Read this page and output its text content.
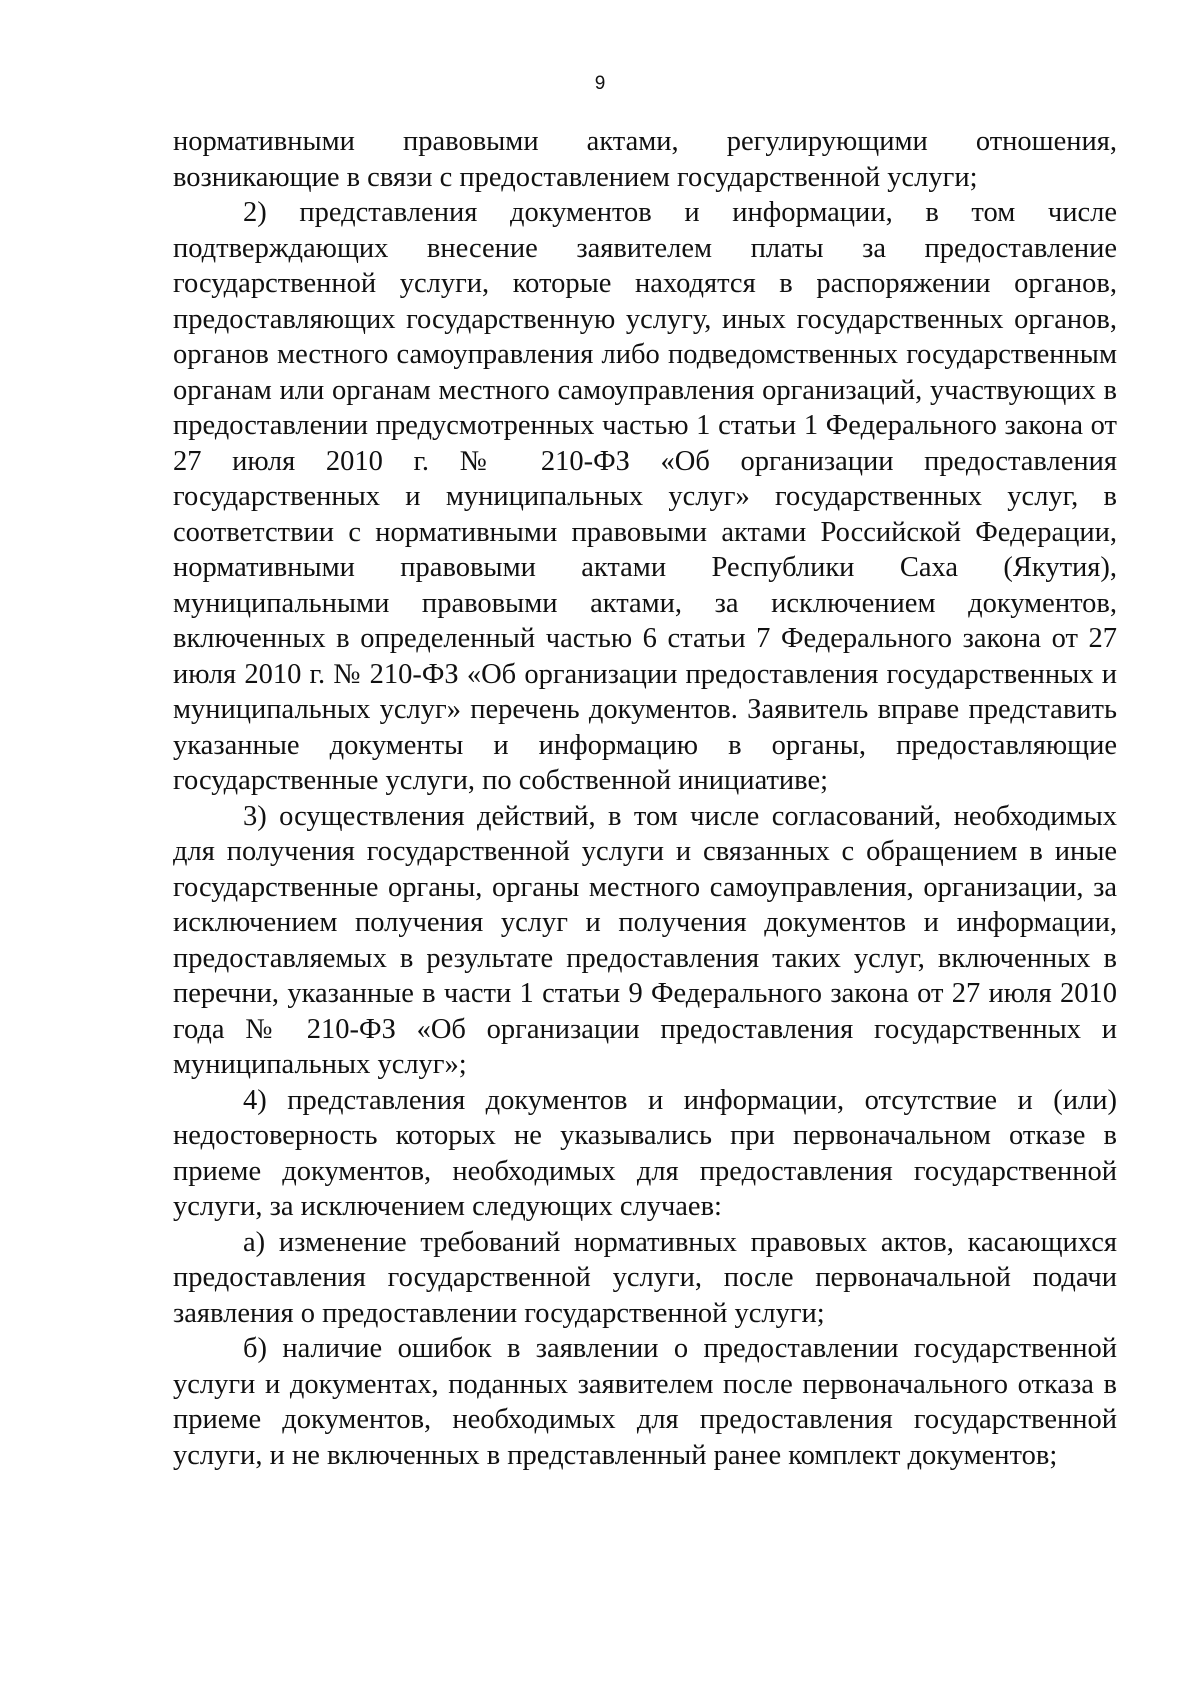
9

нормативными правовыми актами, регулирующими отношения, возникающие в связи с предоставлением государственной услуги;

2) представления документов и информации, в том числе подтверждающих внесение заявителем платы за предоставление государственной услуги, которые находятся в распоряжении органов, предоставляющих государственную услугу, иных государственных органов, органов местного самоуправления либо подведомственных государственным органам или органам местного самоуправления организаций, участвующих в предоставлении предусмотренных частью 1 статьи 1 Федерального закона от 27 июля 2010 г. № 210-ФЗ «Об организации предоставления государственных и муниципальных услуг» государственных услуг, в соответствии с нормативными правовыми актами Российской Федерации, нормативными правовыми актами Республики Саха (Якутия), муниципальными правовыми актами, за исключением документов, включенных в определенный частью 6 статьи 7 Федерального закона от 27 июля 2010 г. № 210-ФЗ «Об организации предоставления государственных и муниципальных услуг» перечень документов. Заявитель вправе представить указанные документы и информацию в органы, предоставляющие государственные услуги, по собственной инициативе;

3) осуществления действий, в том числе согласований, необходимых для получения государственной услуги и связанных с обращением в иные государственные органы, органы местного самоуправления, организации, за исключением получения услуг и получения документов и информации, предоставляемых в результате предоставления таких услуг, включенных в перечни, указанные в части 1 статьи 9 Федерального закона от 27 июля 2010 года № 210-ФЗ «Об организации предоставления государственных и муниципальных услуг»;

4) представления документов и информации, отсутствие и (или) недостоверность которых не указывались при первоначальном отказе в приеме документов, необходимых для предоставления государственной услуги, за исключением следующих случаев:

а) изменение требований нормативных правовых актов, касающихся предоставления государственной услуги, после первоначальной подачи заявления о предоставлении государственной услуги;

б) наличие ошибок в заявлении о предоставлении государственной услуги и документах, поданных заявителем после первоначального отказа в приеме документов, необходимых для предоставления государственной услуги, и не включенных в представленный ранее комплект документов;
